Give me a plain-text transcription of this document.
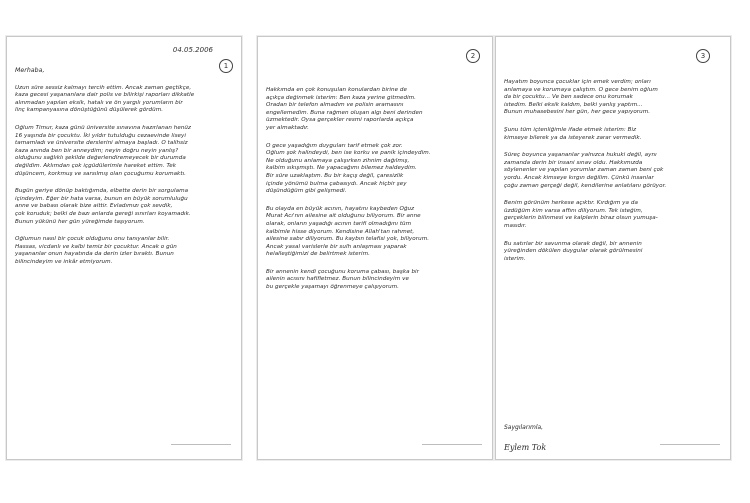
04.05.2006
1

Merhaba,

Uzun süre sessiz kalmayı tercih ettim. Ancak zaman geçtikçe,
kaza gecesi yaşananlara dair polis ve bilirkişi raporları dikkatle
alınmadan yapılan eksik, hatalı ve ön yargılı yorumların bir
linç kampanyasına dönüştüğünü düşülerek gördüm.

Oğlum Timur, kaza günü üniversite sınavına hazırlanan henüz
16 yaşında bir çocuktu. İki yıldır tutulduğu cezaevinde liseyi
tamamladı ve üniversite derslerini almaya başladı. O talihsiz
kaza anında ben bir anneydim; neyin doğru neyin yanlış?
olduğunu sağlıklı şekilde değerlendiremeyecek bir durumda
değildim. Aklımdan çok içgüdülerimle hareket ettim. Tek
düşüncem, korkmuş ve sarsılmış olan çocuğumu korumaktı.

Bugün geriye dönüp baktığımda, elbette derin bir sorgulama
içindeyim. Eğer bir hata varsa, bunun en büyük sorumluluğu
anne ve babası olarak bize aittir. Evladımızı çok sevdik,
çok koruduk; belki de bazı anlarda gereği sınırları koyamadık.
Bunun yükünü her gün yüreğimde taşıyorum.

Oğlumun nasıl bir çocuk olduğunu onu tanıyanlar bilir.
Hassas, vicdanlı ve kalbi temiz bir çocuktur. Ancak o gün
yaşananlar onun hayatında da derin izler bıraktı. Bunun
bilincindeyim ve inkâr etmiyorum.

2

Hakkımda en çok konuşulan konulardan birine de
açıkça değinmek isterim: Ben kaza yerine gitmedim.
Oradan bir telefon almadım ve polisin aramasını
engellemedim. Buna rağmen oluşan algı beni derinden
üzmektedir. Oysa gerçekler resmi raporlarda açıkça
yer almaktadır.

O gece yaşadığım duyguları tarif etmek çok zor.
Oğlum şok halindeydi, ben ise korku ve panik içindeydim.
Ne olduğunu anlamaya çalışırken zihnim dağılmış,
kalbim sıkışmıştı. Ne yapacağımı bilemez haldeydim.
Bir süre uzaklaştım. Bu bir kaçış değil, çaresizlik
içinde yönümü bulma çabasıydı. Ancak hiçbir şey
düşündüğüm gibi gelişmedi.

Bu olayda en büyük acının, hayatını kaybeden Oğuz
Murat Acı'nın ailesine ait olduğunu biliyorum. Bir anne
olarak, onların yaşadığı acının tarifi olmadığını tüm
kalbimle hisse diyorum. Kendisine Allah'tan rahmet,
ailesine sabır diliyorum. Bu kaybın telafisi yok, biliyorum.
Ancak yasal varislerle bir sulh anlaşması yaparak
helalleştiğimizi de belirtmek isterim.

Bir annenin kendi çocuğunu koruma çabası, başka bir
ailenin acısını hafifletmez. Bunun bilincindeyim ve
bu gerçekle yaşamayı öğrenmeye çalışıyorum.

3

Hayatım boyunca çocuklar için emek verdim; onları
anlamaya ve korumaya çalıştım. O gece benim oğlum
da bir çocuktu... Ve ben sadece onu korumak
istedim. Belki eksik kaldım, belki yanlış yaptım...
Bunun muhasebesini her gün, her gece yapıyorum.

Şunu tüm içtenliğimle ifade etmek isterim: Biz
kimseye bilerek ya da isteyerek zarar vermedik.

Süreç boyunca yaşananlar yalnızca hukuki değil, aynı
zamanda derin bir insani sınav oldu. Hakkımızda
söylenenler ve yapılan yorumlar zaman zaman beni çok
yordu. Ancak kimseye kırgın değilim. Çünkü insanlar
çoğu zaman gerçeği değil, kendilerine anlatılanı görüyor.

Benim görünüm herkese açıktır. Kırdığım ya da
üzdüğüm kim varsa affını diliyorum. Tek isteğim,
gerçeklerin bilinmesi ve kalplerin biraz olsun yumuşa-
masıdır.

Bu satırlar bir savunma olarak değil, bir annenin
yüreğinden dökülen duygular olarak görülmesini
isterim.

Saygılarımla,
Eylem Tok
